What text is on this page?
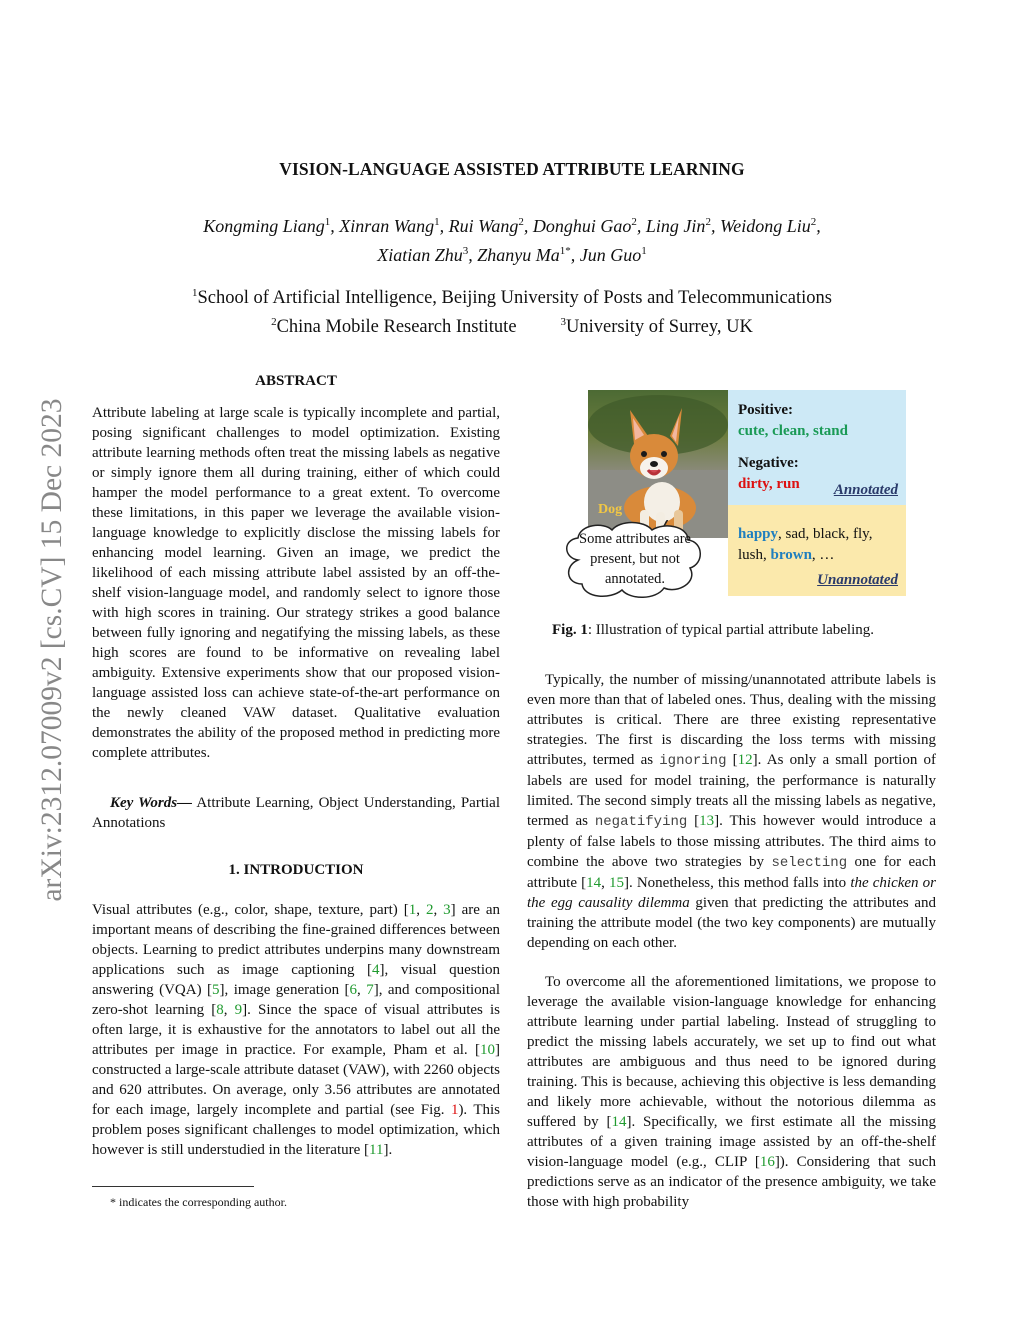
arXiv:2312.07009v2 [cs.CV] 15 Dec 2023
VISION-LANGUAGE ASSISTED ATTRIBUTE LEARNING
Kongming Liang$^1$, Xinran Wang$^1$, Rui Wang$^2$, Donghui Gao$^2$, Ling Jin$^2$, Weidong Liu$^2$,
Xiatian Zhu$^3$, Zhanyu $Ma^{1*}$, Jun Guo$^1$
$^1$School of Artificial Intelligence, Beijing University of Posts and Telecommunications
$^2$China Mobile Research Institute	$^3$University of Surrey, UK
ABSTRACT
Attribute labeling at large scale is typically incomplete and partial, posing significant challenges to model optimization. Existing attribute learning methods often treat the missing labels as negative or simply ignore them all during training, either of which could hamper the model performance to a great extent. To overcome these limitations, in this paper we leverage the available vision-language knowledge to explicitly disclose the missing labels for enhancing model learning. Given an image, we predict the likelihood of each missing attribute label assisted by an off-the-shelf vision-language model, and randomly select to ignore those with high scores in training. Our strategy strikes a good balance between fully ignoring and negatifying the missing labels, as these high scores are found to be informative on revealing label ambiguity. Extensive experiments show that our proposed vision-language assisted loss can achieve state-of-the-art performance on the newly cleaned VAW dataset. Qualitative evaluation demonstrates the ability of the proposed method in predicting more complete attributes.
Key Words— Attribute Learning, Object Understanding, Partial Annotations
1. INTRODUCTION
Visual attributes (e.g., color, shape, texture, part) [1, 2, 3] are an important means of describing the fine-grained differences between objects. Learning to predict attributes underpins many downstream applications such as image captioning [4], visual question answering (VQA) [5], image generation [6, 7], and compositional zero-shot learning [8, 9]. Since the space of visual attributes is often large, it is exhaustive for the annotators to label out all the attributes per image in practice. For example, Pham et al. [10] constructed a large-scale attribute dataset (VAW), with 2260 objects and 620 attributes. On average, only 3.56 attributes are annotated for each image, largely incomplete and partial (see Fig. 1). This problem poses significant challenges to model optimization, which however is still understudied in the literature [11].
* indicates the corresponding author.
Dog
Positive:
cute, clean, stand
Negative:
dirty, run Annotated
happy, sad, black, fly, lush, brown, …
Unannotated
Some attributes are present, but not annotated.
Fig. 1: Illustration of typical partial attribute labeling.
Typically, the number of missing/unannotated attribute labels is even more than that of labeled ones. Thus, dealing with the missing attributes is critical. There are three existing representative strategies. The first is discarding the loss terms with missing attributes, termed as ignoring [12]. As only a small portion of labels are used for model training, the performance is naturally limited. The second simply treats all the missing labels as negative, termed as negatifying [13]. This however would introduce a plenty of false labels to those missing attributes. The third aims to combine the above two strategies by selecting one for each attribute [14, 15]. Nonetheless, this method falls into the chicken or the egg causality dilemma given that predicting the attributes and training the attribute model (the two key components) are mutually depending on each other.
To overcome all the aforementioned limitations, we propose to leverage the available vision-language knowledge for enhancing attribute learning under partial labeling. Instead of struggling to predict the missing labels accurately, we set up to find out what attributes are ambiguous and thus need to be ignored during training. This is because, achieving this objective is less demanding and likely more achievable, without the notorious dilemma as suffered by [14]. Specifically, we first estimate all the missing attributes of a given training image assisted by an off-the-shelf vision-language model (e.g., CLIP [16]). Considering that such predictions serve as an indicator of the presence ambiguity, we take those with high probability
